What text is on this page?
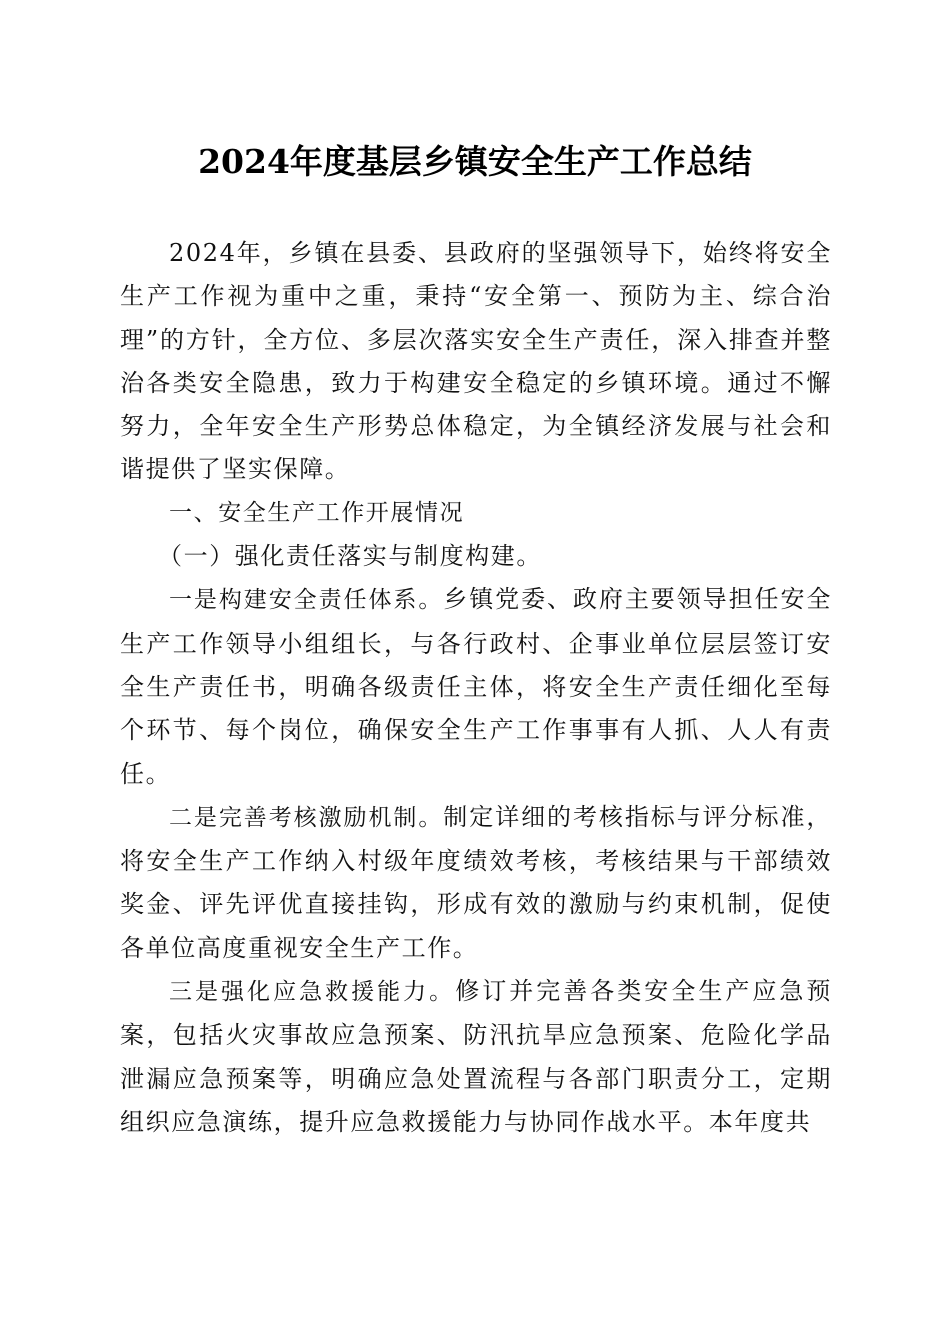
2024年度基层乡镇安全生产工作总结

2024年，乡镇在县委、县政府的坚强领导下，始终将安全生产工作视为重中之重，秉持“安全第一、预防为主、综合治理”的方针，全方位、多层次落实安全生产责任，深入排查并整治各类安全隐患，致力于构建安全稳定的乡镇环境。通过不懈努力，全年安全生产形势总体稳定，为全镇经济发展与社会和谐提供了坚实保障。

一、安全生产工作开展情况

（一）强化责任落实与制度构建。

一是构建安全责任体系。乡镇党委、政府主要领导担任安全生产工作领导小组组长，与各行政村、企事业单位层层签订安全生产责任书，明确各级责任主体，将安全生产责任细化至每个环节、每个岗位，确保安全生产工作事事有人抓、人人有责任。

二是完善考核激励机制。制定详细的考核指标与评分标准，将安全生产工作纳入村级年度绩效考核，考核结果与干部绩效奖金、评先评优直接挂钩，形成有效的激励与约束机制，促使各单位高度重视安全生产工作。

三是强化应急救援能力。修订并完善各类安全生产应急预案，包括火灾事故应急预案、防汛抗旱应急预案、危险化学品泄漏应急预案等，明确应急处置流程与各部门职责分工，定期组织应急演练，提升应急救援能力与协同作战水平。本年度共
